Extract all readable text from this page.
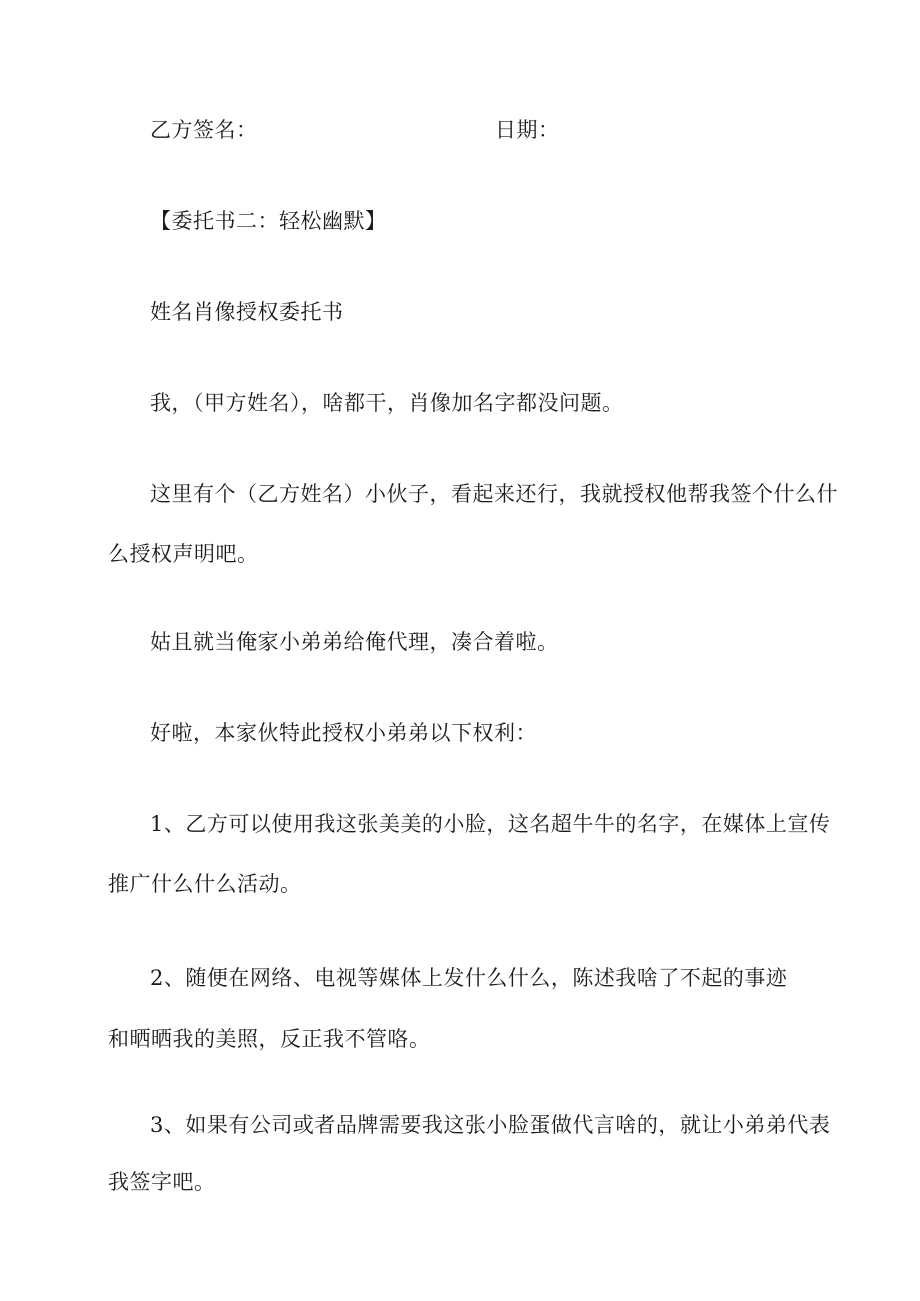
乙方签名：	日期：
【委托书二：轻松幽默】
姓名肖像授权委托书
我，（甲方姓名），啥都干，肖像加名字都没问题。
这里有个（乙方姓名）小伙子，看起来还行，我就授权他帮我签个什么什
么授权声明吧。
姑且就当俺家小弟弟给俺代理，凑合着啦。
好啦，本家伙特此授权小弟弟以下权利：
1、乙方可以使用我这张美美的小脸，这名超牛牛的名字，在媒体上宣传
推广什么什么活动。
2、随便在网络、电视等媒体上发什么什么，陈述我啥了不起的事迹
和晒晒我的美照，反正我不管咯。
3、如果有公司或者品牌需要我这张小脸蛋做代言啥的，就让小弟弟代表
我签字吧。
